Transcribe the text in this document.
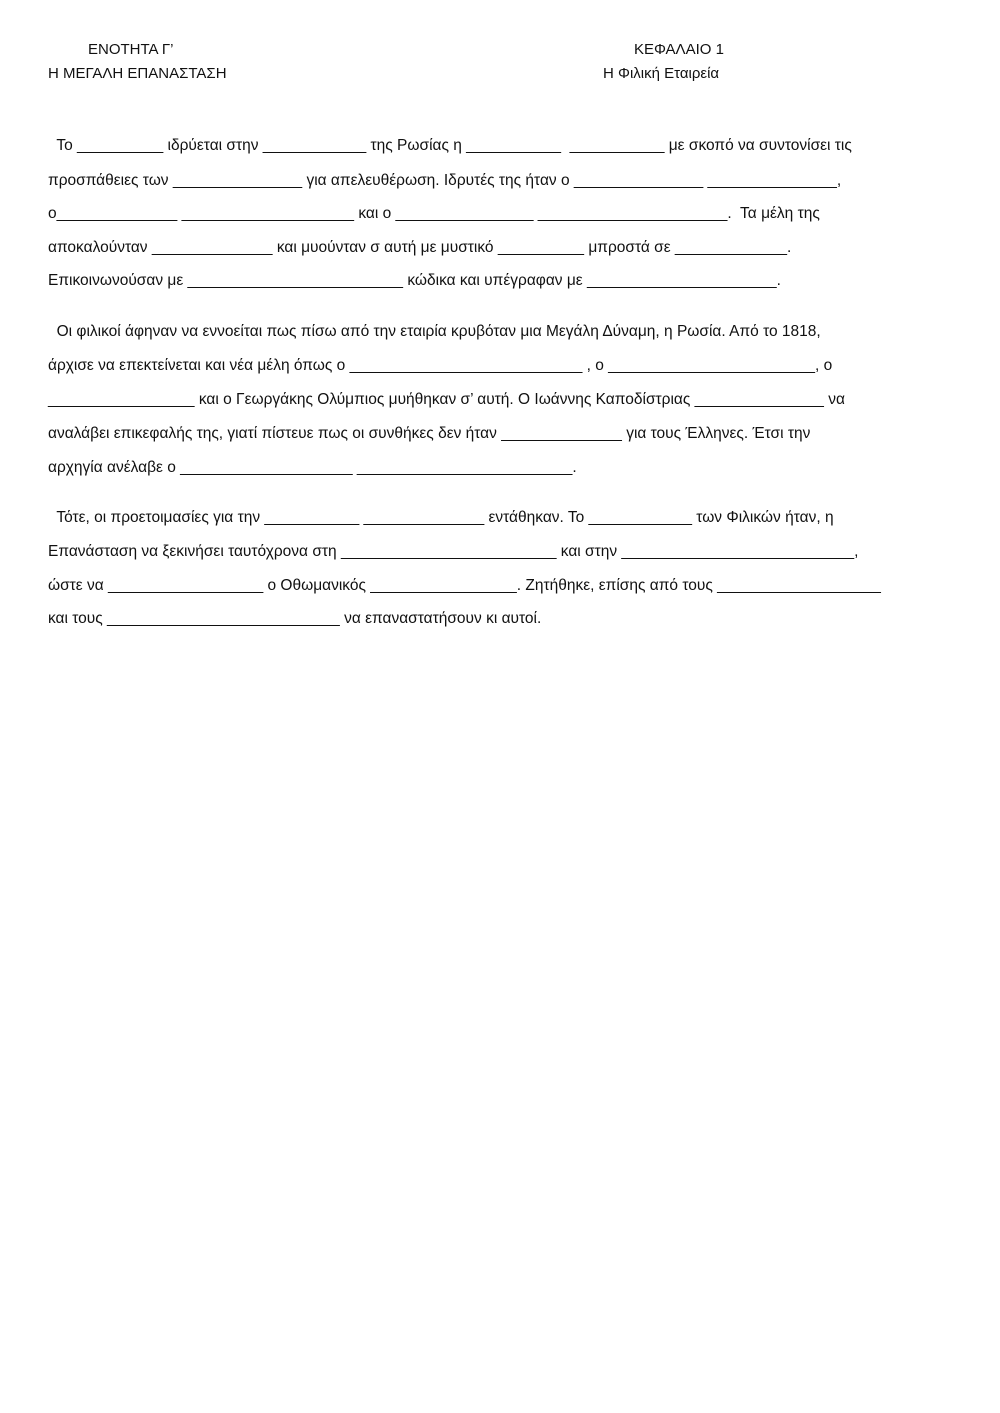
ΕΝΟΤΗΤΑ Γ’
Η ΜΕΓΑΛΗ ΕΠΑΝΑΣΤΑΣΗ
ΚΕΦΑΛΑΙΟ 1
Η Φιλική Εταιρεία
Το __________ ιδρύεται στην ____________ της Ρωσίας η ___________  ___________ με σκοπό να συντονίσει τις
προσπάθειες των _______________ για απελευθέρωση. Ιδρυτές της ήταν ο _______________ _______________,
ο______________ ____________________ και ο ________________ ______________________.  Τα μέλη της
αποκαλούνταν ______________ και μυούνταν σ αυτή με μυστικό __________ μπροστά σε _____________.
Επικοινωνούσαν με _________________________ κώδικα και υπέγραφαν με ______________________.
Οι φιλικοί άφηναν να εννοείται πως πίσω από την εταιρία κρυβόταν μια Μεγάλη Δύναμη, η Ρωσία. Από το 1818,
άρχισε να επεκτείνεται και νέα μέλη όπως ο ___________________________ , ο ________________________, ο
_________________ και ο Γεωργάκης Ολύμπιος μυήθηκαν σ’ αυτή. Ο Ιωάννης Καποδίστριας _______________ να
αναλάβει επικεφαλής της, γιατί πίστευε πως οι συνθήκες δεν ήταν ______________ για τους Έλληνες. Έτσι την
αρχηγία ανέλαβε ο ____________________ _________________________.
Τότε, οι προετοιμασίες για την ___________ ______________ εντάθηκαν. Το ____________ των Φιλικών ήταν, η
Επανάσταση να ξεκινήσει ταυτόχρονα στη _________________________ και στην ___________________________,
ώστε να __________________ ο Οθωμανικός _________________. Ζητήθηκε, επίσης από τους ___________________
και τους ___________________________ να επαναστατήσουν κι αυτοί.
